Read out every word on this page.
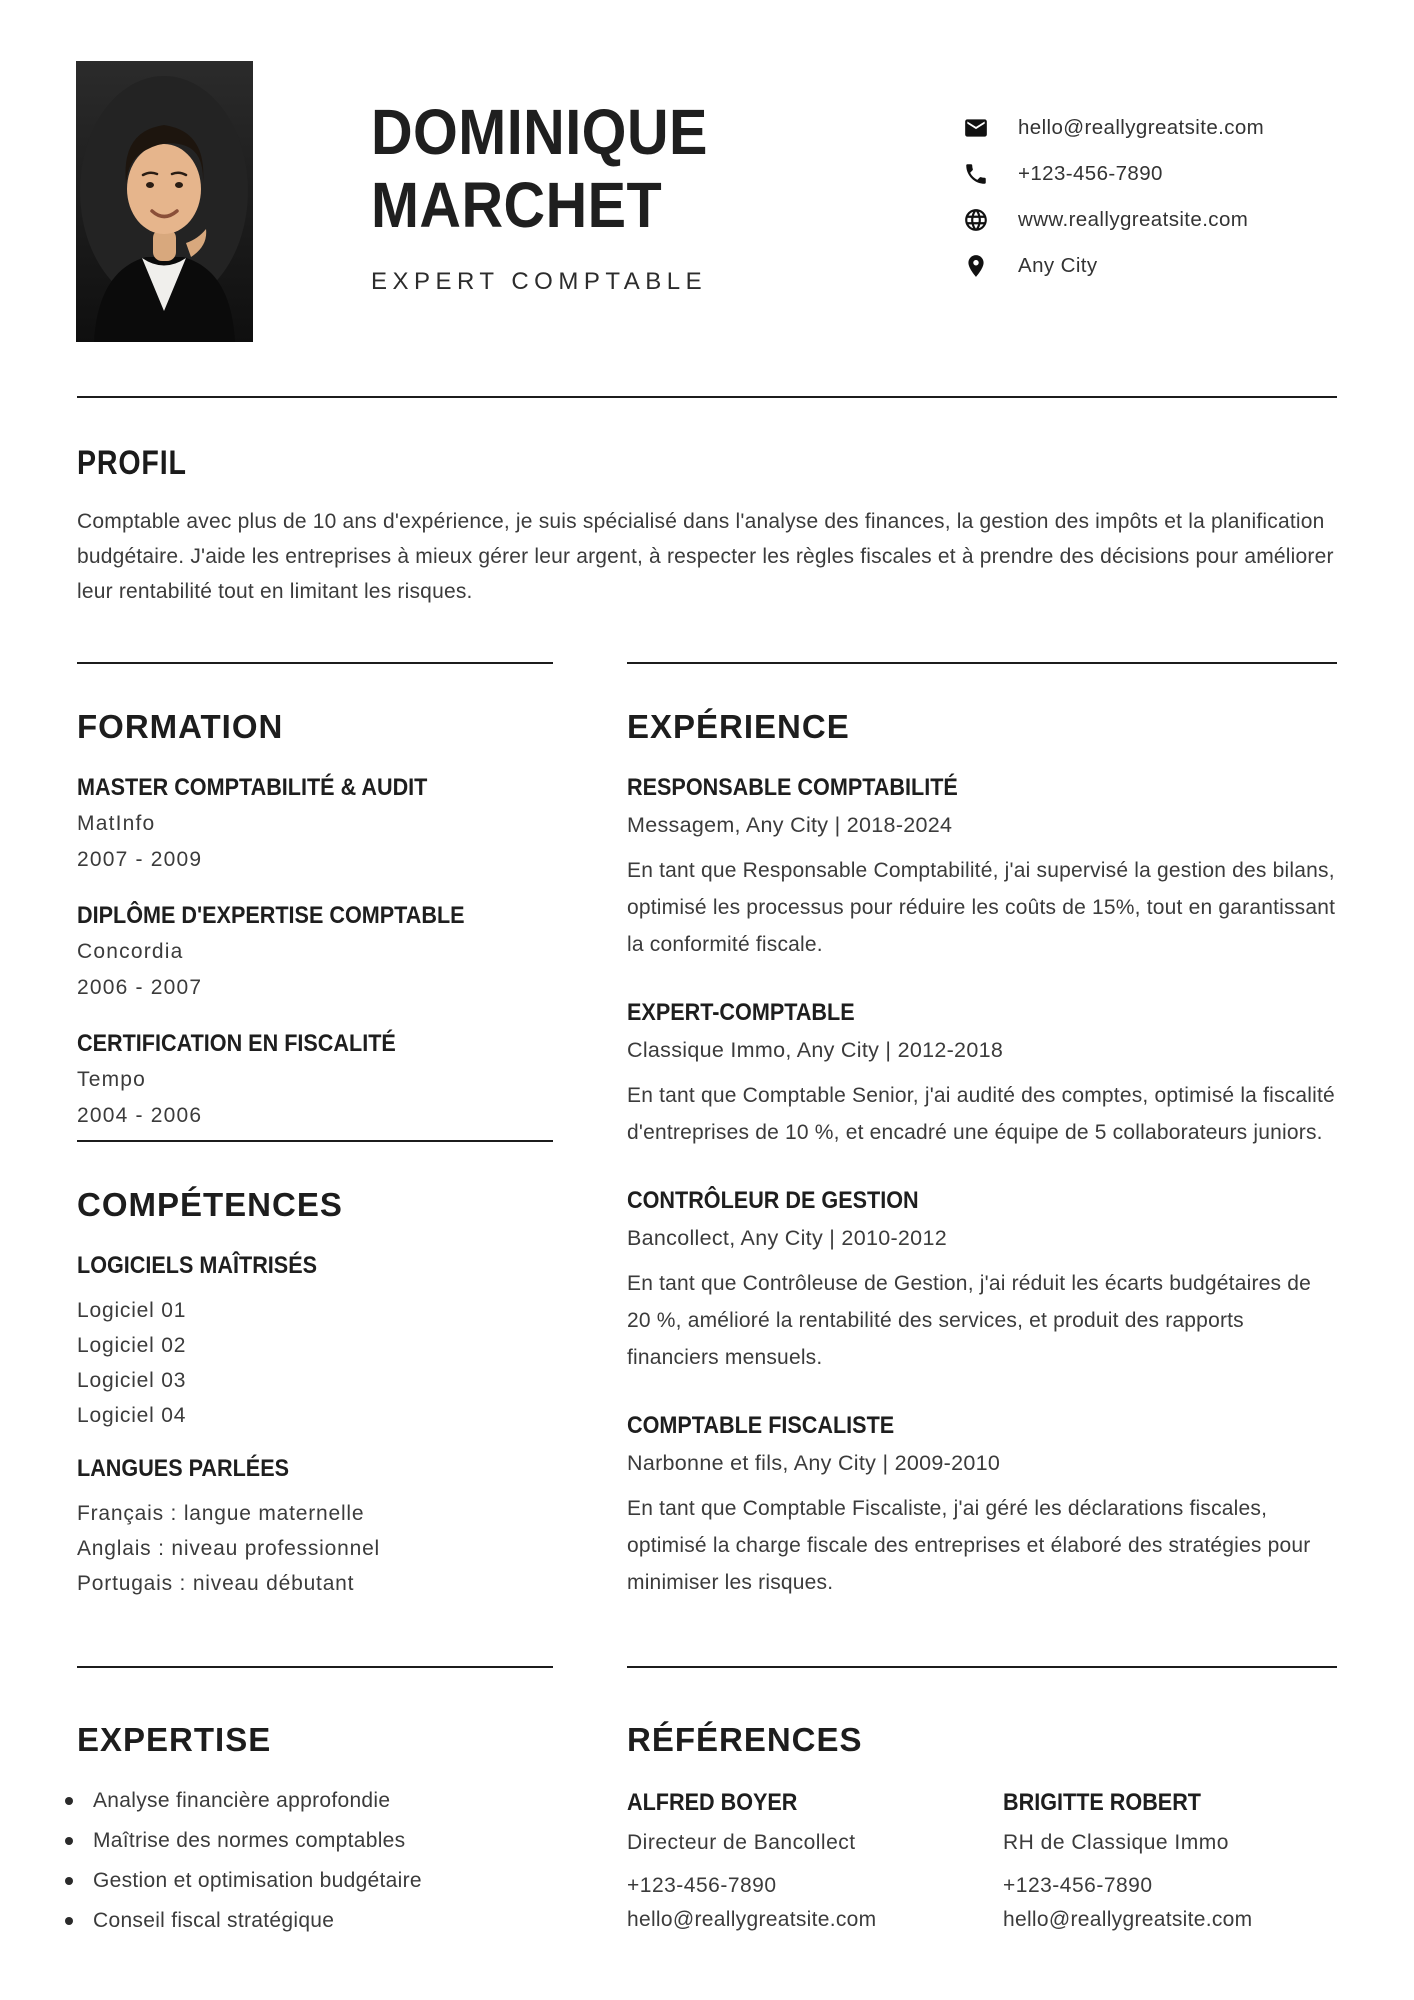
DOMINIQUE
MARCHET
EXPERT COMPTABLE
hello@reallygreatsite.com
+123-456-7890
www.reallygreatsite.com
Any City
PROFIL

Comptable avec plus de 10 ans d'expérience, je suis spécialisé dans l'analyse des finances, la gestion des impôts et la planification budgétaire. J'aide les entreprises à mieux gérer leur argent, à respecter les règles fiscales et à prendre des décisions pour améliorer leur rentabilité tout en limitant les risques.

FORMATION
MASTER COMPTABILITÉ & AUDIT
MatInfo
2007 - 2009
DIPLÔME D'EXPERTISE COMPTABLE
Concordia
2006 - 2007
CERTIFICATION EN FISCALITÉ
Tempo
2004 - 2006
COMPÉTENCES
LOGICIELS MAÎTRISÉS
Logiciel 01
Logiciel 02
Logiciel 03
Logiciel 04
LANGUES PARLÉES
Français : langue maternelle
Anglais : niveau professionnel
Portugais : niveau débutant
EXPÉRIENCE
RESPONSABLE COMPTABILITÉ
Messagem, Any City | 2018-2024
En tant que Responsable Comptabilité, j'ai supervisé la gestion des bilans, optimisé les processus pour réduire les coûts de 15%, tout en garantissant la conformité fiscale.
EXPERT-COMPTABLE
Classique Immo, Any City | 2012-2018
En tant que Comptable Senior, j'ai audité des comptes, optimisé la fiscalité d'entreprises de 10 %, et encadré une équipe de 5 collaborateurs juniors.
CONTRÔLEUR DE GESTION
Bancollect, Any City | 2010-2012
En tant que Contrôleuse de Gestion, j'ai réduit les écarts budgétaires de 20 %, amélioré la rentabilité des services, et produit des rapports financiers mensuels.
COMPTABLE FISCALISTE
Narbonne et fils, Any City | 2009-2010
En tant que Comptable Fiscaliste, j'ai géré les déclarations fiscales, optimisé la charge fiscale des entreprises et élaboré des stratégies pour minimiser les risques.
EXPERTISE
Analyse financière approfondie
Maîtrise des normes comptables
Gestion et optimisation budgétaire
Conseil fiscal stratégique
RÉFÉRENCES
ALFRED BOYER
Directeur de Bancollect
+123-456-7890
hello@reallygreatsite.com
BRIGITTE ROBERT
RH de Classique Immo
+123-456-7890
hello@reallygreatsite.com
